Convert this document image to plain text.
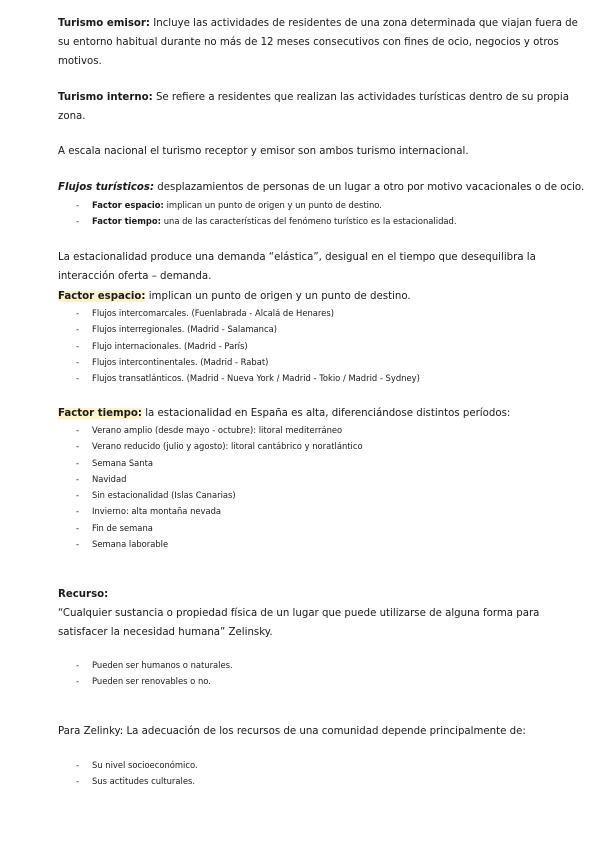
Turismo emisor: Incluye las actividades de residentes de una zona determinada que viajan fuera de su entorno habitual durante no más de 12 meses consecutivos con fines de ocio, negocios y otros motivos.
Turismo interno: Se refiere a residentes que realizan las actividades turísticas dentro de su propia zona.
A escala nacional el turismo receptor y emisor son ambos turismo internacional.
Flujos turísticos: desplazamientos de personas de un lugar a otro por motivo vacacionales o de ocio.
- Factor espacio: implican un punto de origen y un punto de destino.
- Factor tiempo: una de las características del fenómeno turístico es la estacionalidad.
La estacionalidad produce una demanda “elástica”, desigual en el tiempo que desequilibra la interacción oferta – demanda.
Factor espacio: implican un punto de origen y un punto de destino.
- Flujos intercomarcales. (Fuenlabrada - Alcalá de Henares)
- Flujos interregionales. (Madrid - Salamanca)
- Flujo internacionales. (Madrid - París)
- Flujos intercontinentales. (Madrid - Rabat)
- Flujos transatlánticos. (Madrid - Nueva York / Madrid - Tokio / Madrid - Sydney)
Factor tiempo: la estacionalidad en España es alta, diferenciándose distintos períodos:
- Verano amplio (desde mayo - octubre): litoral mediterráneo
- Verano reducido (julio y agosto): litoral cantábrico y noratlántico
- Semana Santa
- Navidad
- Sin estacionalidad (Islas Canarias)
- Invierno: alta montaña nevada
- Fin de semana
- Semana laborable
Recurso:
“Cualquier sustancia o propiedad física de un lugar que puede utilizarse de alguna forma para satisfacer la necesidad humana” Zelinsky.
- Pueden ser humanos o naturales.
- Pueden ser renovables o no.
Para Zelinky: La adecuación de los recursos de una comunidad depende principalmente de:
- Su nivel socioeconómico.
- Sus actitudes culturales.
